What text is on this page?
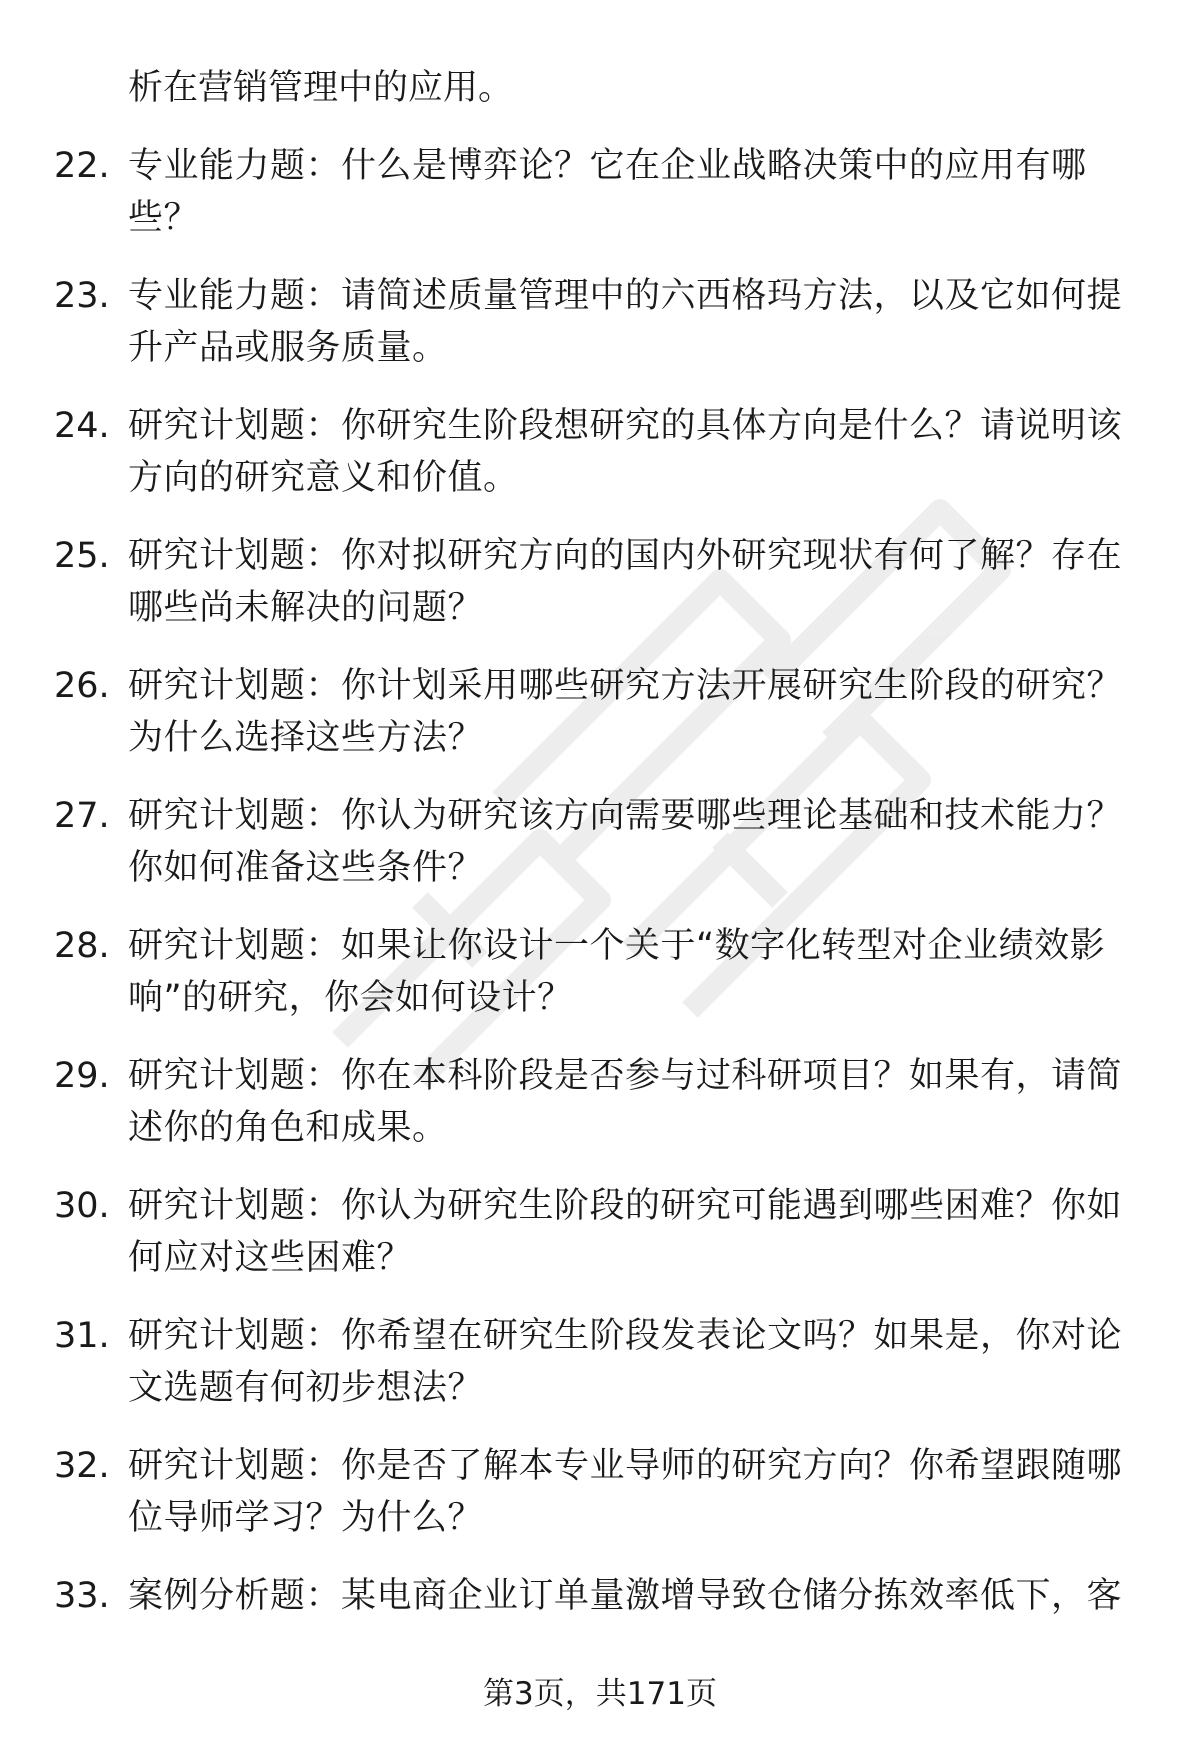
析在营销管理中的应用。
22. 专业能力题：什么是博弈论？它在企业战略决策中的应用有哪
些？
23. 专业能力题：请简述质量管理中的六西格玛方法，以及它如何提
升产品或服务质量。
24. 研究计划题：你研究生阶段想研究的具体方向是什么？请说明该
方向的研究意义和价值。
25. 研究计划题：你对拟研究方向的国内外研究现状有何了解？存在
哪些尚未解决的问题？
26. 研究计划题：你计划采用哪些研究方法开展研究生阶段的研究？
为什么选择这些方法？
27. 研究计划题：你认为研究该方向需要哪些理论基础和技术能力？
你如何准备这些条件？
28. 研究计划题：如果让你设计一个关于“数字化转型对企业绩效影
响”的研究，你会如何设计？
29. 研究计划题：你在本科阶段是否参与过科研项目？如果有，请简
述你的角色和成果。
30. 研究计划题：你认为研究生阶段的研究可能遇到哪些困难？你如
何应对这些困难？
31. 研究计划题：你希望在研究生阶段发表论文吗？如果是，你对论
文选题有何初步想法？
32. 研究计划题：你是否了解本专业导师的研究方向？你希望跟随哪
位导师学习？为什么？
33. 案例分析题：某电商企业订单量激增导致仓储分拣效率低下，客
第3页，共171页
